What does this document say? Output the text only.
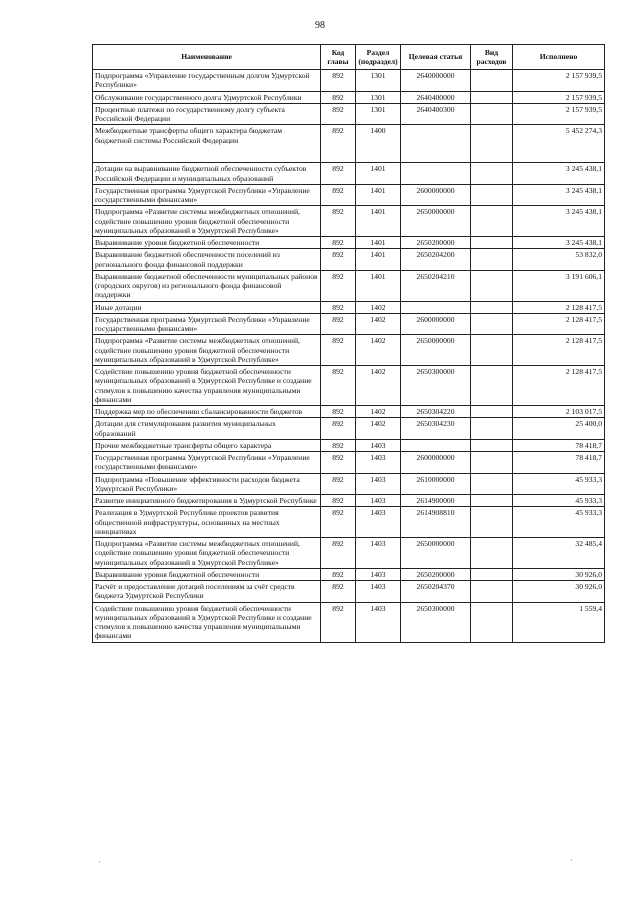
98
Наименование	Код главы	Раздел (подраздел)	Целевая статья	Вид расходов	Исполнено
Подпрограмма «Управление государственным долгом Удмуртской Республики»	892	1301	2640000000		2 157 939,5
Обслуживание государственного долга Удмуртской Республики	892	1301	2640400000		2 157 939,5
Процентные платежи по государственному долгу субъекта Российской Федерации	892	1301	2640400300		2 157 939,5
Межбюджетные трансферты общего характера бюджетам бюджетной системы Российской Федерации	892	1400			5 452 274,3
Дотации на выравнивание бюджетной обеспеченности субъектов Российской Федерации и муниципальных образований	892	1401			3 245 438,1
Государственная программа Удмуртской Республики «Управление государственными финансами»	892	1401	2600000000		3 245 438,1
Подпрограмма «Развитие системы межбюджетных отношений, содействие повышению уровня бюджетной обеспеченности муниципальных образований в Удмуртской Республике»	892	1401	2650000000		3 245 438,1
Выравнивание уровня бюджетной обеспеченности	892	1401	2650200000		3 245 438,1
Выравнивание бюджетной обеспеченности поселений из регионального фонда финансовой поддержки	892	1401	2650204200		53 832,0
Выравнивание бюджетной обеспеченности муниципальных районов (городских округов) из регионального фонда финансовой поддержки	892	1401	2650204210		3 191 606,1
Иные дотации	892	1402			2 128 417,5
Государственная программа Удмуртской Республики «Управление государственными финансами»	892	1402	2600000000		2 128 417,5
Подпрограмма «Развитие системы межбюджетных отношений, содействие повышению уровня бюджетной обеспеченности муниципальных образований в Удмуртской Республике»	892	1402	2650000000		2 128 417,5
Содействие повышению уровня бюджетной обеспеченности муниципальных образований в Удмуртской Республике и создание стимулов к повышению качества управления муниципальными финансами	892	1402	2650300000		2 128 417,5
Поддержка мер по обеспечению сбалансированности бюджетов	892	1402	2650304220		2 103 017,5
Дотации для стимулирования развития муниципальных образований	892	1402	2650304230		25 400,0
Прочие межбюджетные трансферты общего характера	892	1403			78 418,7
Государственная программа Удмуртской Республики «Управление государственными финансами»	892	1403	2600000000		78 418,7
Подпрограмма «Повышение эффективности расходов бюджета Удмуртской Республики»	892	1403	2610000000		45 933,3
Развитие инициативного бюджетирования в Удмуртской Республике	892	1403	2614900000		45 933,3
Реализация в Удмуртской Республике проектов развития общественной инфраструктуры, основанных на местных инициативах	892	1403	2614908810		45 933,3
Подпрограмма «Развитие системы межбюджетных отношений, содействие повышению уровня бюджетной обеспеченности муниципальных образований в Удмуртской Республике»	892	1403	2650000000		32 485,4
Выравнивание уровня бюджетной обеспеченности	892	1403	2650200000		30 926,0
Расчёт и предоставление дотаций поселениям за счёт средств бюджета Удмуртской Республики	892	1403	2650204370		30 926,0
Содействие повышению уровня бюджетной обеспеченности муниципальных образований в Удмуртской Республике и создание стимулов к повышению качества управления муниципальными финансами	892	1403	2650300000		1 559,4
·	·
